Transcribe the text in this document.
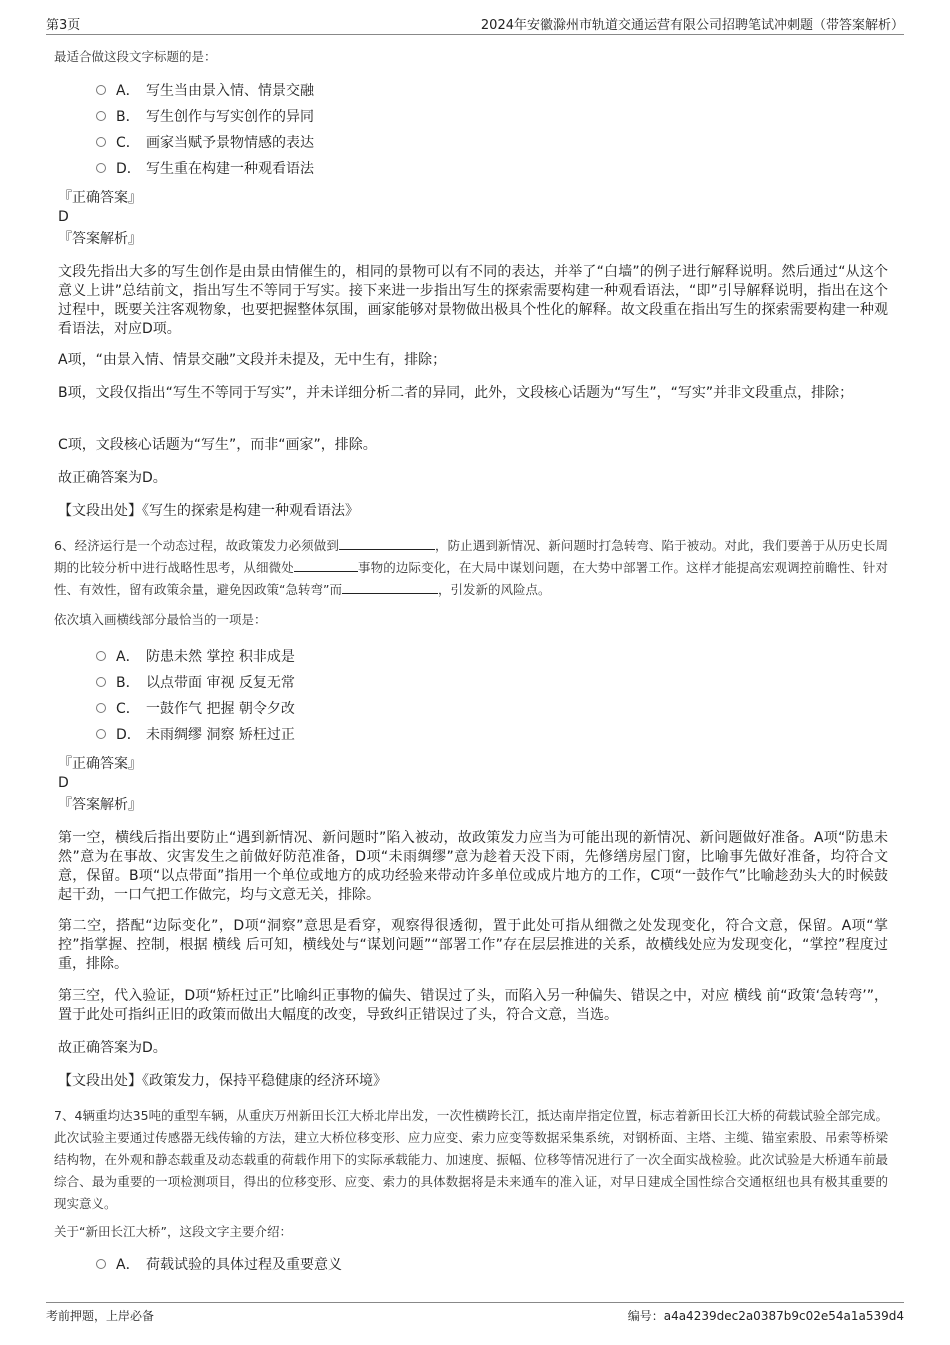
第3页	2024年安徽滁州市轨道交通运营有限公司招聘笔试冲刺题（带答案解析）
最适合做这段文字标题的是：
A． 写生当由景入情、情景交融
B． 写生创作与写实创作的异同
C． 画家当赋予景物情感的表达
D． 写生重在构建一种观看语法
『正确答案』
D
『答案解析』
文段先指出大多的写生创作是由景由情催生的，相同的景物可以有不同的表达，并举了“白墙”的例子进行解释说明。然后通过“从这个意义上讲”总结前文，指出写生不等同于写实。接下来进一步指出写生的探索需要构建一种观看语法，“即”引导解释说明，指出在这个过程中，既要关注客观物象，也要把握整体氛围，画家能够对景物做出极具个性化的解释。故文段重在指出写生的探索需要构建一种观看语法，对应D项。
A项，“由景入情、情景交融”文段并未提及，无中生有，排除；
B项，文段仅指出“写生不等同于写实”，并未详细分析二者的异同，此外，文段核心话题为“写生”，“写实”并非文段重点，排除；
C项，文段核心话题为“写生”，而非“画家”，排除。
故正确答案为D。
【文段出处】《写生的探索是构建一种观看语法》
6、经济运行是一个动态过程，故政策发力必须做到	，防止遇到新情况、新问题时打急转弯、陷于被动。对此，我们要善于从历史长周期的比较分析中进行战略性思考，从细微处	事物的边际变化，在大局中谋划问题，在大势中部署工作。这样才能提高宏观调控前瞻性、针对性、有效性，留有政策余量，避免因政策“急转弯”而	，引发新的风险点。
依次填入画横线部分最恰当的一项是：
A． 防患未然 掌控 积非成是
B． 以点带面 审视 反复无常
C． 一鼓作气 把握 朝令夕改
D． 未雨绸缪 洞察 矫枉过正
『正确答案』
D
『答案解析』
第一空，横线后指出要防止“遇到新情况、新问题时”陷入被动，故政策发力应当为可能出现的新情况、新问题做好准备。A项“防患未然”意为在事故、灾害发生之前做好防范准备，D项“未雨绸缪”意为趁着天没下雨，先修缮房屋门窗，比喻事先做好准备，均符合文意，保留。B项“以点带面”指用一个单位或地方的成功经验来带动许多单位或成片地方的工作，C项“一鼓作气”比喻趁劲头大的时候鼓起干劲，一口气把工作做完，均与文意无关，排除。
第二空，搭配“边际变化”，D项“洞察”意思是看穿，观察得很透彻，置于此处可指从细微之处发现变化，符合文意，保留。A项“掌控”指掌握、控制，根据 横线 后可知，横线处与“谋划问题”“部署工作”存在层层推进的关系，故横线处应为发现变化，“掌控”程度过重，排除。
第三空，代入验证，D项“矫枉过正”比喻纠正事物的偏失、错误过了头，而陷入另一种偏失、错误之中，对应 横线 前“政策‘急转弯’”，置于此处可指纠正旧的政策而做出大幅度的改变，导致纠正错误过了头，符合文意，当选。
故正确答案为D。
【文段出处】《政策发力，保持平稳健康的经济环境》
7、4辆重均达35吨的重型车辆，从重庆万州新田长江大桥北岸出发，一次性横跨长江，抵达南岸指定位置，标志着新田长江大桥的荷载试验全部完成。此次试验主要通过传感器无线传输的方法，建立大桥位移变形、应力应变、索力应变等数据采集系统，对钢桥面、主塔、主缆、锚室索股、吊索等桥梁结构物，在外观和静态载重及动态载重的荷载作用下的实际承载能力、加速度、振幅、位移等情况进行了一次全面实战检验。此次试验是大桥通车前最综合、最为重要的一项检测项目，得出的位移变形、应变、索力的具体数据将是未来通车的准入证，对早日建成全国性综合交通枢纽也具有极其重要的现实意义。
关于“新田长江大桥”，这段文字主要介绍：
A． 荷载试验的具体过程及重要意义
考前押题，上岸必备	编号：a4a4239dec2a0387b9c02e54a1a539d4
